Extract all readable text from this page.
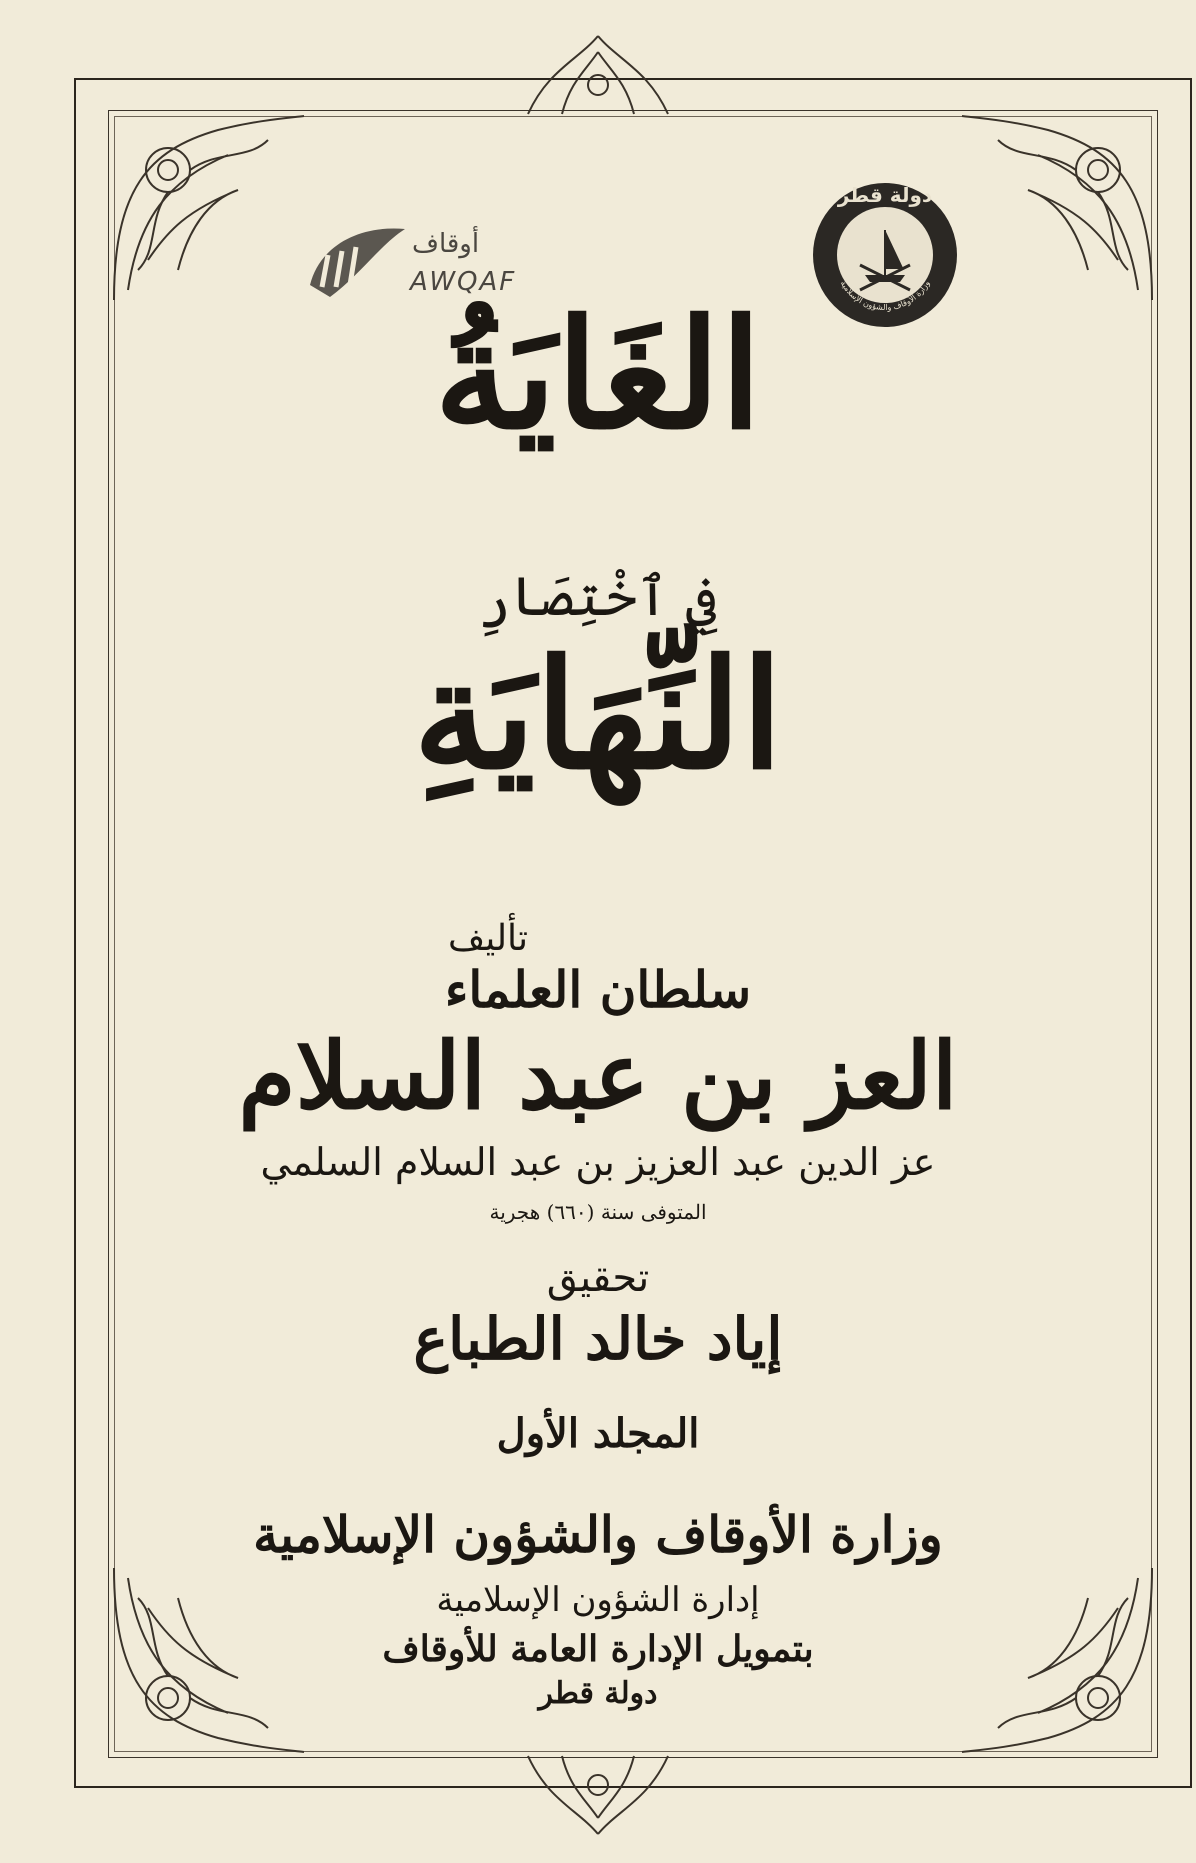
أوقاف
AWQAF
دولة قطر
وزارة الأوقاف والشؤون الإسلامية
الغَايَةُ
فِي ٱخْتِصَارِ
النِّهَايَةِ
تأليف
سلطان العلماء
العز بن عبد السلام
عز الدين عبد العزيز بن عبد السلام السلمي
المتوفى سنة (٦٦٠) هجرية
تحقيق
إياد خالد الطباع
المجلد الأول
وزارة الأوقاف والشؤون الإسلامية
إدارة الشؤون الإسلامية
بتمويل الإدارة العامة للأوقاف
دولة قطر
